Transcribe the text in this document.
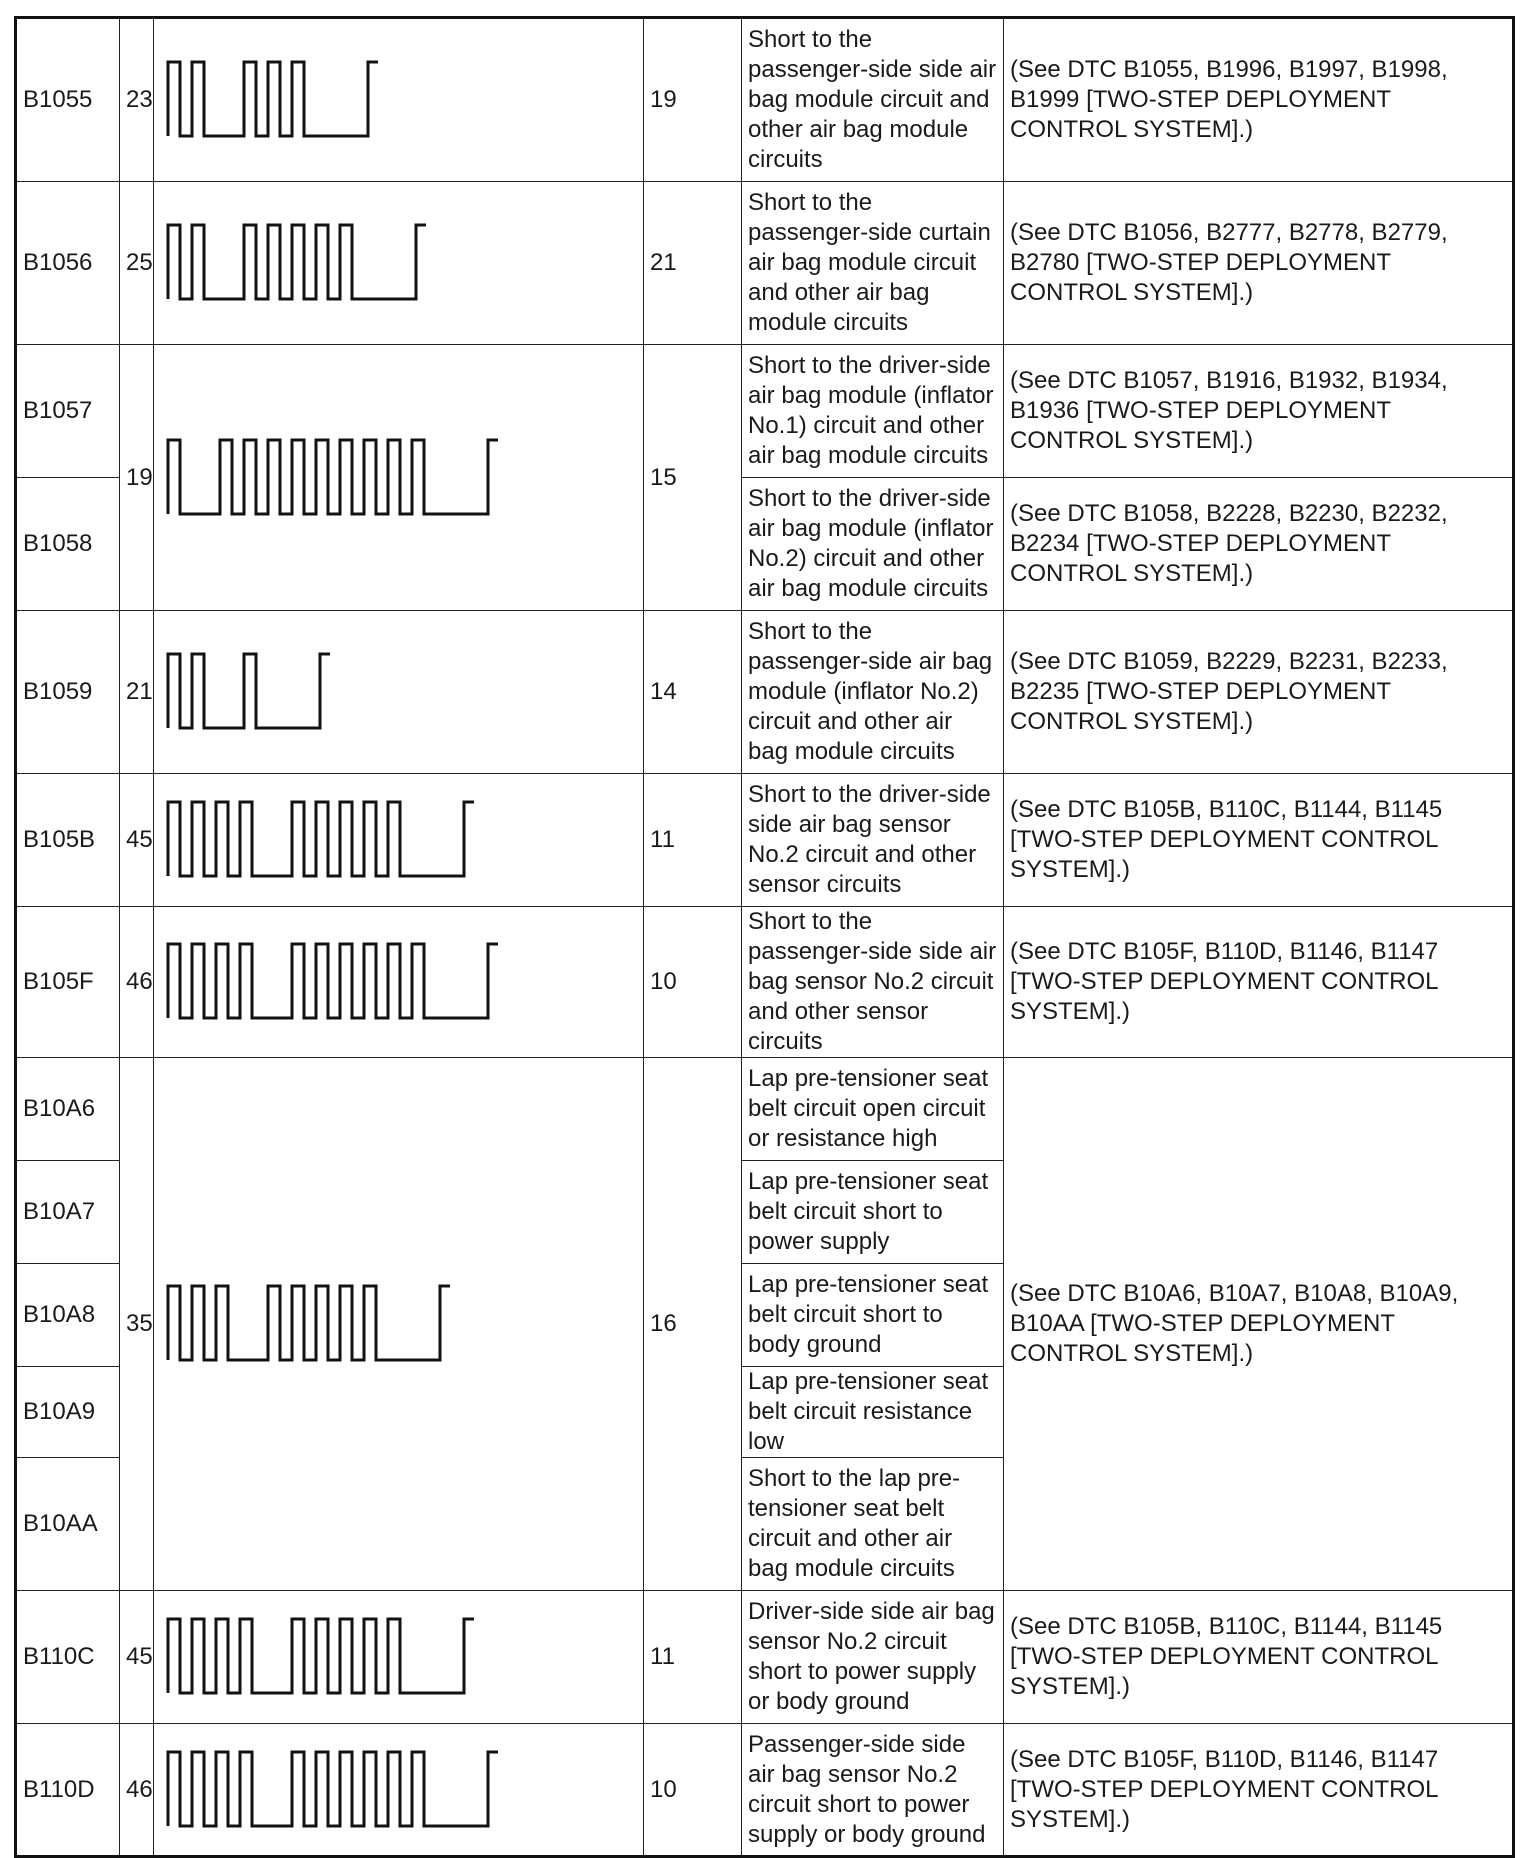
B1055	23		19	Short to the passenger-side side air bag module circuit and other air bag module circuits	(See DTC B1055, B1996, B1997, B1998, B1999 [TWO-STEP DEPLOYMENT CONTROL SYSTEM].)
B1056	25		21	Short to the passenger-side curtain air bag module circuit and other air bag module circuits	(See DTC B1056, B2777, B2778, B2779, B2780 [TWO-STEP DEPLOYMENT CONTROL SYSTEM].)
B1057	19		15	Short to the driver-side air bag module (inflator No.1) circuit and other air bag module circuits	(See DTC B1057, B1916, B1932, B1934, B1936 [TWO-STEP DEPLOYMENT CONTROL SYSTEM].)
B1058				Short to the driver-side air bag module (inflator No.2) circuit and other air bag module circuits	(See DTC B1058, B2228, B2230, B2232, B2234 [TWO-STEP DEPLOYMENT CONTROL SYSTEM].)
B1059	21		14	Short to the passenger-side air bag module (inflator No.2) circuit and other air bag module circuits	(See DTC B1059, B2229, B2231, B2233, B2235 [TWO-STEP DEPLOYMENT CONTROL SYSTEM].)
B105B	45		11	Short to the driver-side side air bag sensor No.2 circuit and other sensor circuits	(See DTC B105B, B110C, B1144, B1145 [TWO-STEP DEPLOYMENT CONTROL SYSTEM].)
B105F	46		10	Short to the passenger-side side air bag sensor No.2 circuit and other sensor circuits	(See DTC B105F, B110D, B1146, B1147 [TWO-STEP DEPLOYMENT CONTROL SYSTEM].)
B10A6	35		16	Lap pre-tensioner seat belt circuit open circuit or resistance high	(See DTC B10A6, B10A7, B10A8, B10A9, B10AA [TWO-STEP DEPLOYMENT CONTROL SYSTEM].)
B10A7				Lap pre-tensioner seat belt circuit short to power supply	
B10A8				Lap pre-tensioner seat belt circuit short to body ground	
B10A9				Lap pre-tensioner seat belt circuit resistance low	
B10AA				Short to the lap pre-tensioner seat belt circuit and other air bag module circuits	
B110C	45		11	Driver-side side air bag sensor No.2 circuit short to power supply or body ground	(See DTC B105B, B110C, B1144, B1145 [TWO-STEP DEPLOYMENT CONTROL SYSTEM].)
B110D	46		10	Passenger-side side air bag sensor No.2 circuit short to power supply or body ground	(See DTC B105F, B110D, B1146, B1147 [TWO-STEP DEPLOYMENT CONTROL SYSTEM].)
